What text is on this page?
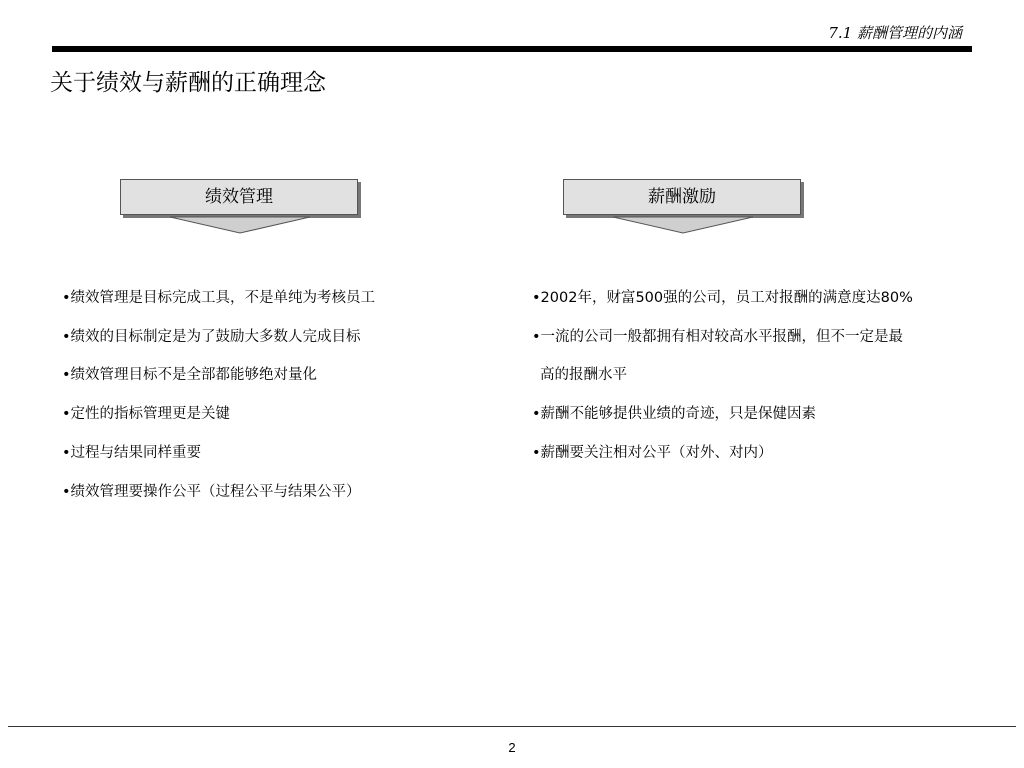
7.1 薪酬管理的内涵
关于绩效与薪酬的正确理念
绩效管理
•绩效管理是目标完成工具，不是单纯为考核员工
•绩效的目标制定是为了鼓励大多数人完成目标
•绩效管理目标不是全部都能够绝对量化
•定性的指标管理更是关键
•过程与结果同样重要
•绩效管理要操作公平（过程公平与结果公平）
薪酬激励
•2002年，财富500强的公司，员工对报酬的满意度达80%
•一流的公司一般都拥有相对较高水平报酬，但不一定是最
高的报酬水平
•薪酬不能够提供业绩的奇迹，只是保健因素
•薪酬要关注相对公平（对外、对内）
2
